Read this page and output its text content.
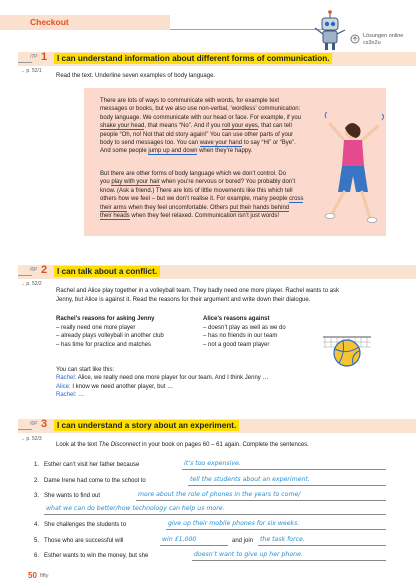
Checkout
Lösungen online
cs3n2u
/7P 1	I can understand information about different forms of communication.
→ p. 52/1
Read the text. Underline seven examples of body language.
There are lots of ways to communicate with words, for example text
messages or books, but we also use non-verbal, ‘wordless’ communication:
body language. We communicate with our head or face. For example, if you
shake your head, that means “No”. And if you roll your eyes, that can tell
people “Oh, no! Not that old story again!” You can use other parts of your
body to send messages too. You can wave your hand to say “Hi” or “Bye”.
And some people jump up and down when they’re happy.
But there are other forms of body language which we don’t control. Do
you play with your hair when you’re nervous or bored? You probably don’t
know. (Ask a friend.) There are lots of little movements like this which tell
others how we feel – but we don’t realise it. For example, many people cross
their arms when they feel uncomfortable. Others put their hands behind
their heads when they feel relaxed. Communication isn’t just words!
/6P 2	I can talk about a conflict.
→ p. 52/2
Rachel and Alice play together in a volleyball team. They badly need one more player. Rachel wants to ask
Jenny, but Alice is against it. Read the reasons for their argument and write down their dialogue.
Rachel’s reasons for asking Jenny
– really need one more player
– already plays volleyball in another club
– has time for practice and matches
Alice’s reasons against
– doesn’t play as well as we do
– has no friends in our team
– not a good team player
You can start like this:
Rachel: Alice, we really need one more player for our team. And I think Jenny …
Alice: I know we need another player, but …
Rachel: …
/6P 3	I can understand a story about an experiment.
→ p. 52/3
Look at the text The Disconnect in your book on pages 60 – 61 again. Complete the sentences.
1. Esther can’t visit her father because	it’s too expensive.
2. Dame Irene had come to the school to	tell the students about an experiment.
3. She wants to find out	more about the role of phones in the years to come/
what we can do better/how technology can help us more.
4. She challenges the students to	give up their mobile phones for six weeks.
5. Those who are successful will	win £1,000	and join the task force.
6. Esther wants to win the money, but she	doesn’t want to give up her phone.
50 fifty
